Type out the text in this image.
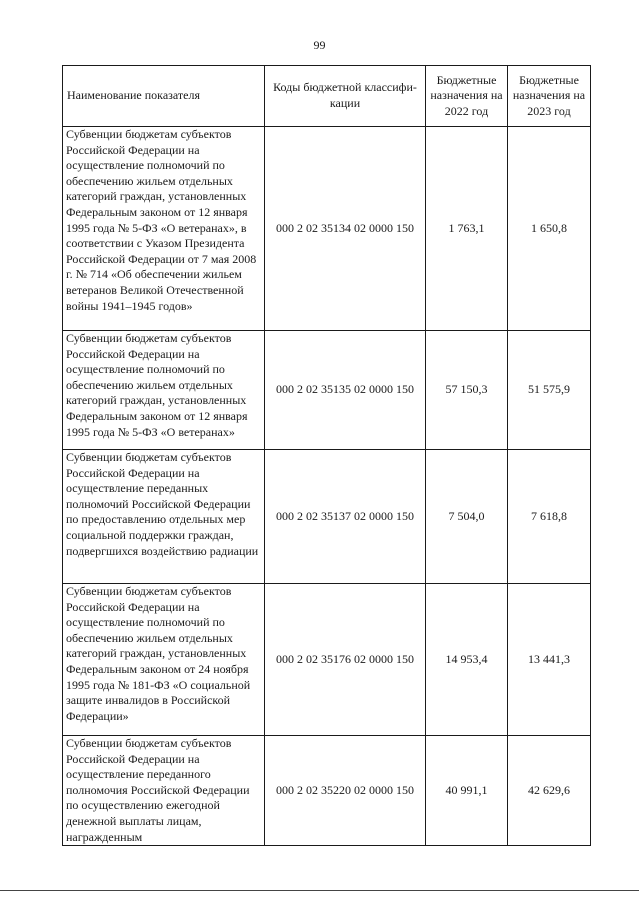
99
Наименование показателя	Коды бюджетной классифи- кации	Бюджетные назначения на 2022 год	Бюджетные назначения на 2023 год
Субвенции бюджетам субъектов Российской Федерации на осуществление полномочий по обеспечению жильем отдельных категорий граждан, установленных Федеральным законом от 12 января 1995 года № 5-ФЗ «О ветеранах», в соответствии с Указом Президента Российской Федерации от 7 мая 2008 г. № 714 «Об обеспечении жильем ветеранов Великой Отечественной войны 1941–1945 годов»	000 2 02 35134 02 0000 150	1 763,1	1 650,8
Субвенции бюджетам субъектов Российской Федерации на осуществление полномочий по обеспечению жильем отдельных категорий граждан, установленных Федеральным законом от 12 января 1995 года № 5-ФЗ «О ветеранах»	000 2 02 35135 02 0000 150	57 150,3	51 575,9
Субвенции бюджетам субъектов Российской Федерации на осуществление переданных полномочий Российской Федерации по предоставлению отдельных мер социальной поддержки граждан, подвергшихся воздействию радиации	000 2 02 35137 02 0000 150	7 504,0	7 618,8
Субвенции бюджетам субъектов Российской Федерации на осуществление полномочий по обеспечению жильем отдельных категорий граждан, установленных Федеральным законом от 24 ноября 1995 года № 181-ФЗ «О социальной защите инвалидов в Российской Федерации»	000 2 02 35176 02 0000 150	14 953,4	13 441,3
Субвенции бюджетам субъектов Российской Федерации на осуществление переданного полномочия Российской Федерации по осуществлению ежегодной денежной выплаты лицам, награжденным	000 2 02 35220 02 0000 150	40 991,1	42 629,6
